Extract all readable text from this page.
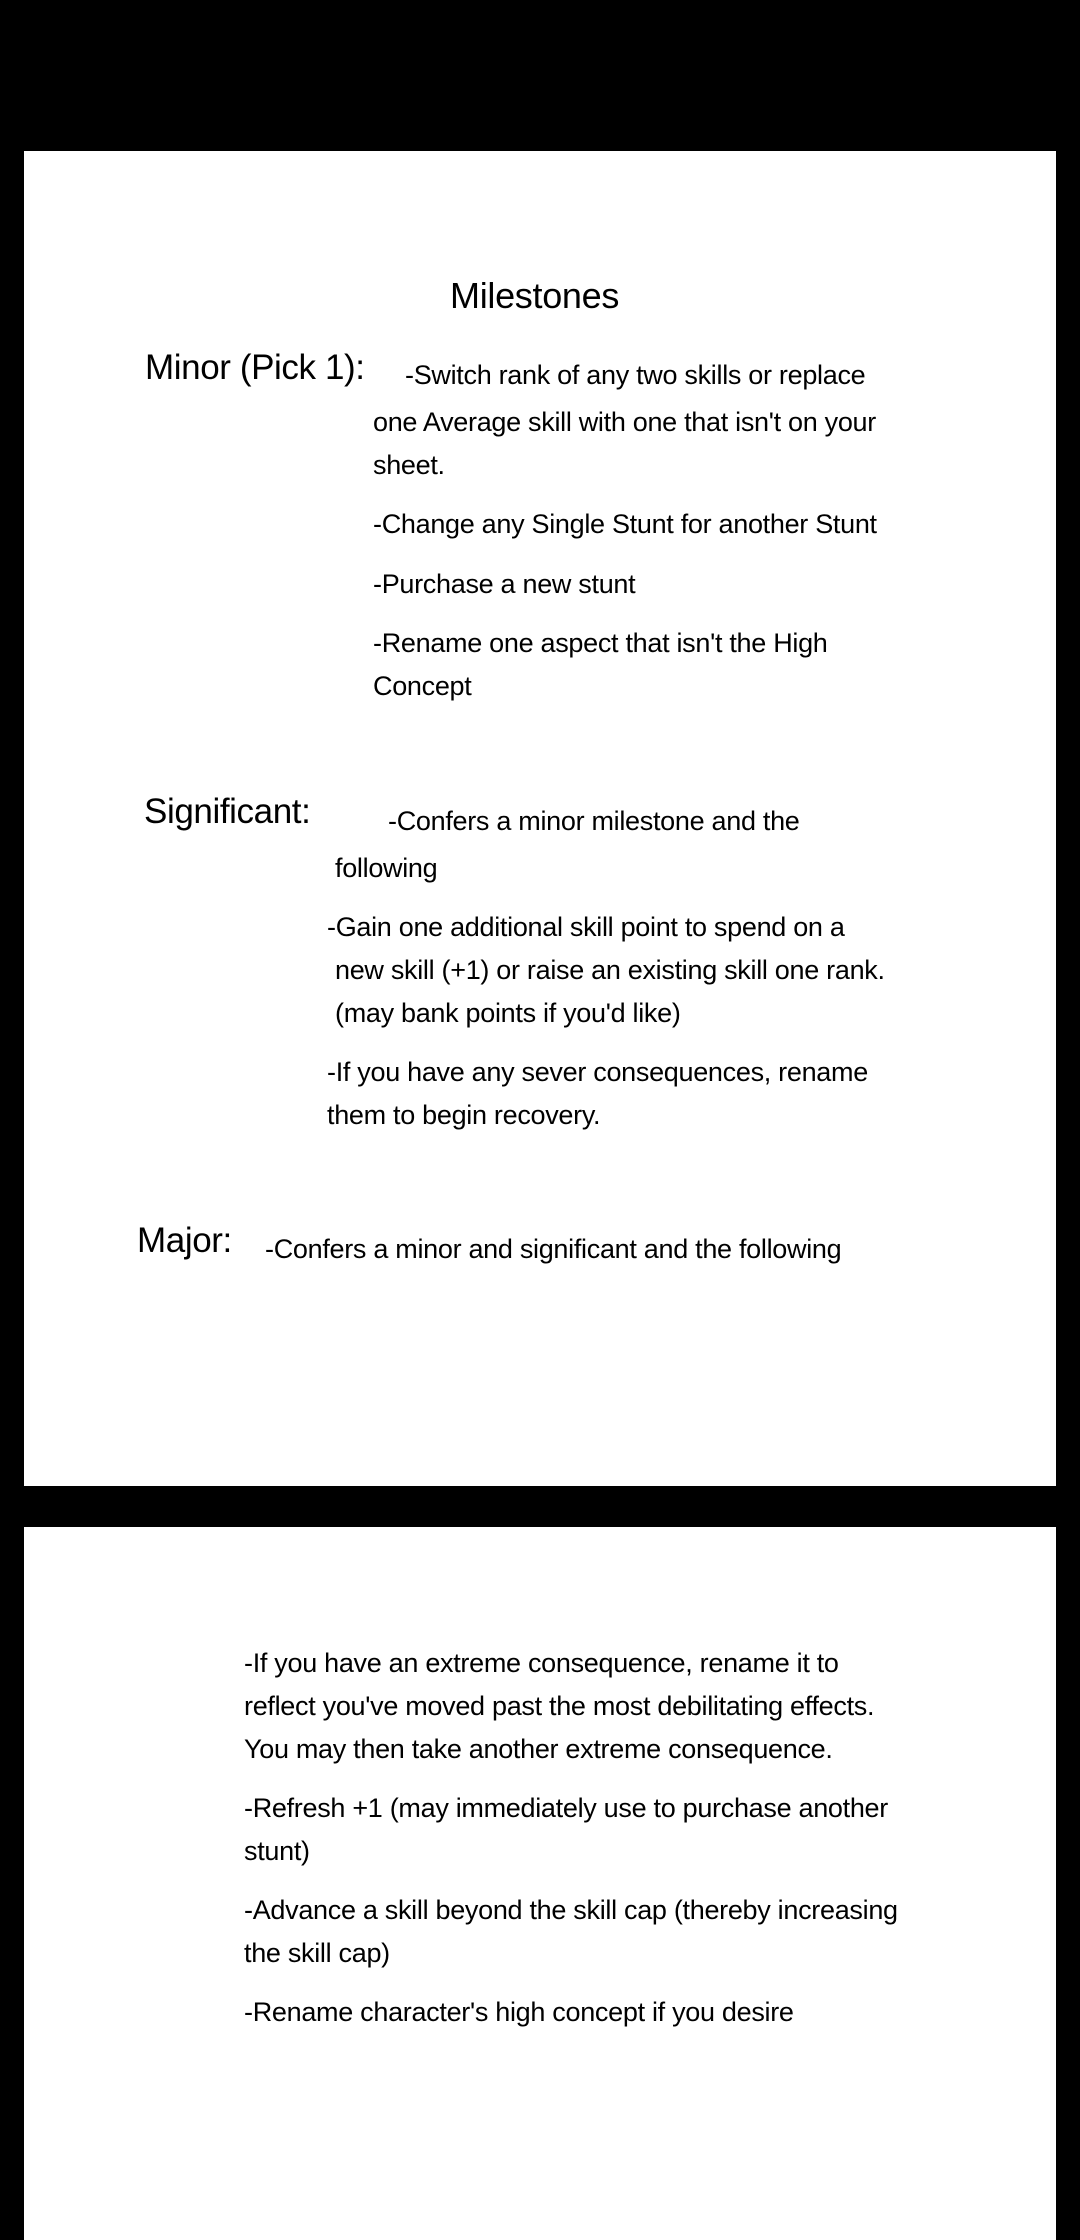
Milestones
Minor (Pick 1): -Switch rank of any two skills or replace
one Average skill with one that isn't on your
sheet.
-Change any Single Stunt for another Stunt
-Purchase a new stunt
-Rename one aspect that isn't the High
Concept
Significant:	-Confers a minor milestone and the
following
-Gain one additional skill point to spend on a
new skill (+1) or raise an existing skill one rank.
(may bank points if you'd like)
-If you have any sever consequences, rename
them to begin recovery.
Major: -Confers a minor and significant and the following
-If you have an extreme consequence, rename it to
reflect you've moved past the most debilitating effects.
You may then take another extreme consequence.
-Refresh +1 (may immediately use to purchase another
stunt)
-Advance a skill beyond the skill cap (thereby increasing
the skill cap)
-Rename character's high concept if you desire
